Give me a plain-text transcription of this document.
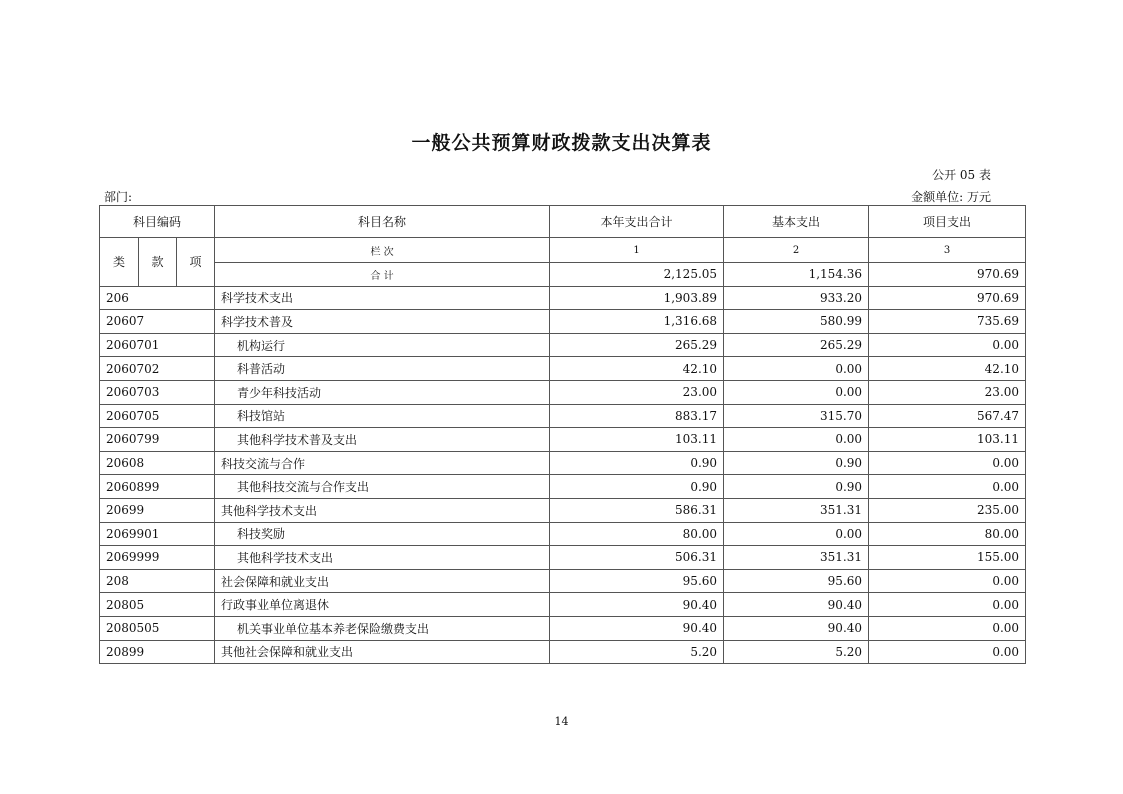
一般公共预算财政拨款支出决算表
公开 05 表
部门:	金额单位: 万元
科目编码			科目名称	本年支出合计	基本支出	项目支出
类	款	项	栏 次	1	2	3
			合 计	2,125.05	1,154.36	970.69
206			科学技术支出	1,903.89	933.20	970.69
20607			科学技术普及	1,316.68	580.99	735.69
2060701			机构运行	265.29	265.29	0.00
2060702			科普活动	42.10	0.00	42.10
2060703			青少年科技活动	23.00	0.00	23.00
2060705			科技馆站	883.17	315.70	567.47
2060799			其他科学技术普及支出	103.11	0.00	103.11
20608			科技交流与合作	0.90	0.90	0.00
2060899			其他科技交流与合作支出	0.90	0.90	0.00
20699			其他科学技术支出	586.31	351.31	235.00
2069901			科技奖励	80.00	0.00	80.00
2069999			其他科学技术支出	506.31	351.31	155.00
208			社会保障和就业支出	95.60	95.60	0.00
20805			行政事业单位离退休	90.40	90.40	0.00
2080505			机关事业单位基本养老保险缴费支出	90.40	90.40	0.00
20899			其他社会保障和就业支出	5.20	5.20	0.00
14
